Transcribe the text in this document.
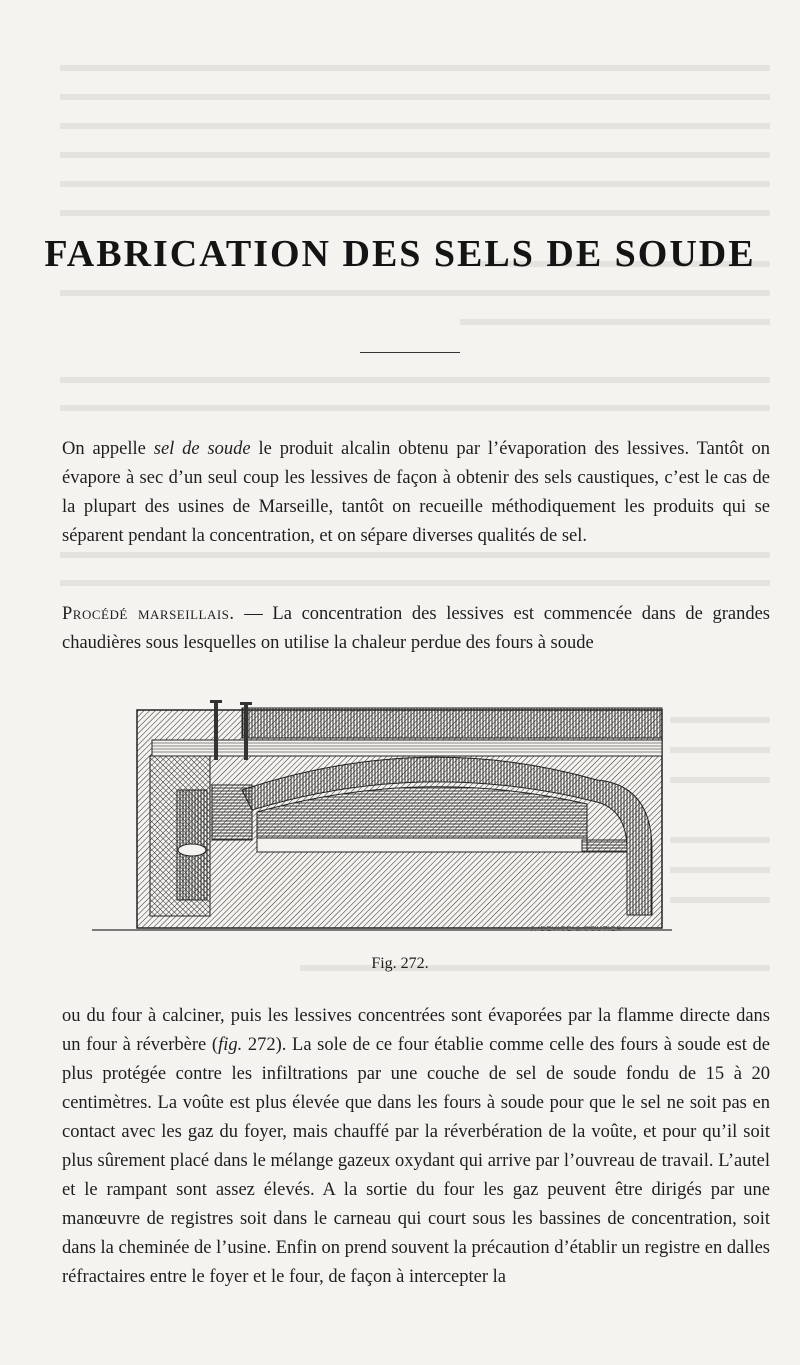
FABRICATION DES SELS DE SOUDE

On appelle sel de soude le produit alcalin obtenu par l’évaporation des lessives. Tantôt on évapore à sec d’un seul coup les lessives de façon à obtenir des sels caustiques, c’est le cas de la plupart des usines de Marseille, tantôt on recueille méthodiquement les produits qui se séparent pendant la concentration, et on sépare diverses qualités de sel.

Procédé marseillais. — La concentration des lessives est commencée dans de grandes chaudières sous lesquelles on utilise la chaleur perdue des fours à soude

J. DEVICE & COUTIER
Fig. 272.

ou du four à calciner, puis les lessives concentrées sont évaporées par la flamme directe dans un four à réverbère (fig. 272). La sole de ce four établie comme celle des fours à soude est de plus protégée contre les infiltrations par une couche de sel de soude fondu de 15 à 20 centimètres. La voûte est plus élevée que dans les fours à soude pour que le sel ne soit pas en contact avec les gaz du foyer, mais chauffé par la réverbération de la voûte, et pour qu’il soit plus sûrement placé dans le mélange gazeux oxydant qui arrive par l’ouvreau de travail. L’autel et le rampant sont assez élevés. A la sortie du four les gaz peuvent être dirigés par une manœuvre de registres soit dans le carneau qui court sous les bassines de concentration, soit dans la cheminée de l’usine. Enfin on prend souvent la précaution d’établir un registre en dalles réfractaires entre le foyer et le four, de façon à intercepter la
